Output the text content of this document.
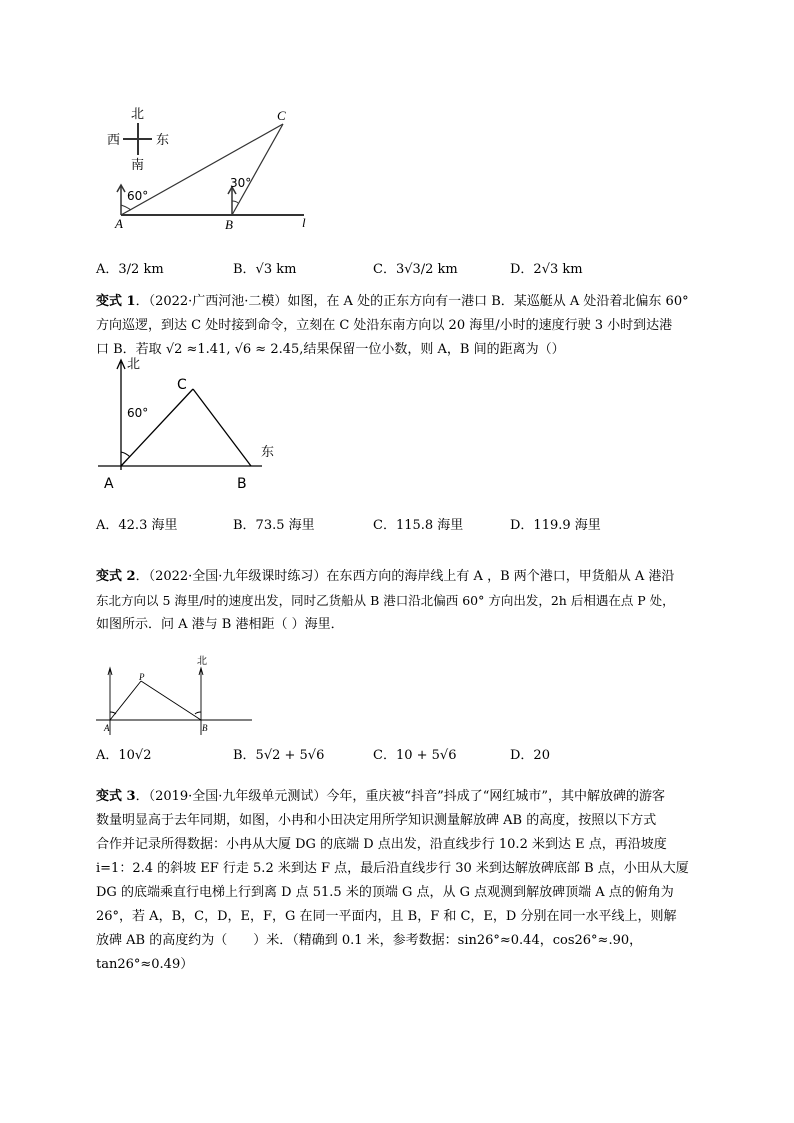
北
西	东
南
60°
30°
A	B
C
l
北
60°
东
C
A	B
北
P
A	B
A．3/2 km	B．√3 km	C．3√3/2 km	D．2√3 km
变式 1．（2022·广西河池·二模）如图，在 A 处的正东方向有一港口 B．某巡艇从 A 处沿着北偏东 60°
方向巡逻，到达 C 处时接到命令，立刻在 C 处沿东南方向以 20 海里/小时的速度行驶 3 小时到达港
口 B．若取 √2 ≈1.41, √6 ≈ 2.45,结果保留一位小数，则 A，B 间的距离为（）
A．42.3 海里	B．73.5 海里	C．115.8 海里	D．119.9 海里
变式 2．（2022·全国·九年级课时练习）在东西方向的海岸线上有 A ，B 两个港口，甲货船从 A 港沿
东北方向以 5 海里/时的速度出发，同时乙货船从 B 港口沿北偏西 60° 方向出发，2h 后相遇在点 P 处，
如图所示．问 A 港与 B 港相距（ ）海里．
A．10√2	B．5√2 + 5√6	C．10 + 5√6	D．20
变式 3．（2019·全国·九年级单元测试）今年，重庆被“抖音”抖成了“网红城市”，其中解放碑的游客
数量明显高于去年同期，如图，小冉和小田决定用所学知识测量解放碑 AB 的高度，按照以下方式
合作并记录所得数据：小冉从大厦 DG 的底端 D 点出发，沿直线步行 10.2 米到达 E 点，再沿坡度
i=1：2.4 的斜坡 EF 行走 5.2 米到达 F 点，最后沿直线步行 30 米到达解放碑底部 B 点，小田从大厦
DG 的底端乘直行电梯上行到离 D 点 51.5 米的顶端 G 点，从 G 点观测到解放碑顶端 A 点的俯角为
26°，若 A，B，C，D，E，F，G 在同一平面内，且 B，F 和 C，E，D 分别在同一水平线上，则解
放碑 AB 的高度约为（　　）米．（精确到 0.1 米，参考数据：sin26°≈0.44，cos26°≈.90，
tan26°≈0.49）
